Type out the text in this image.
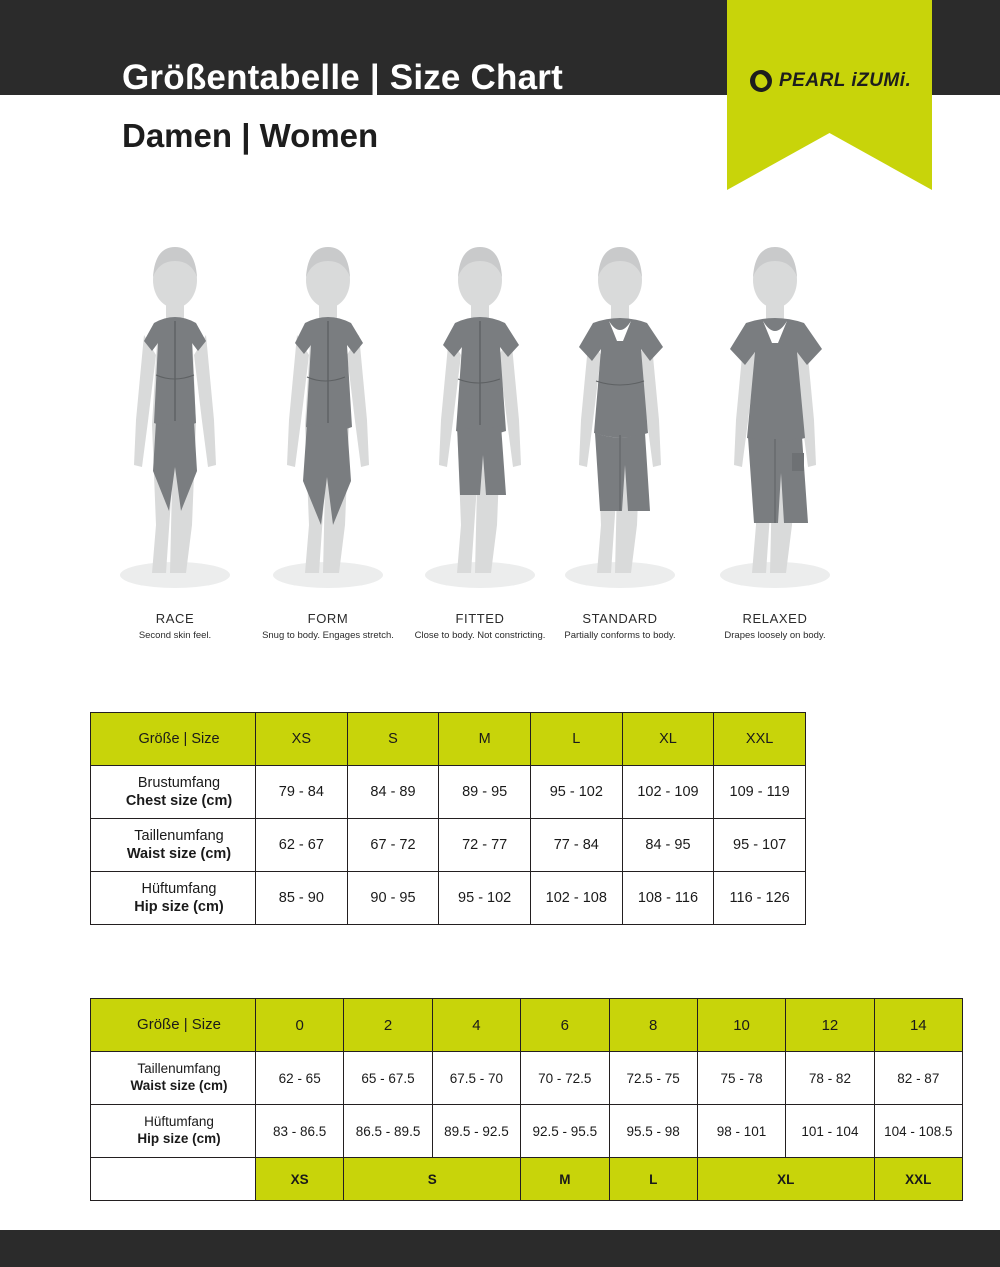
PEARL iZUMi.
Größentabelle | Size Chart
Damen | Women
RACE
Second skin feel.
FORM
Snug to body. Engages stretch.
FITTED
Close to body. Not constricting.
STANDARD
Partially conforms to body.
RELAXED
Drapes loosely on body.
Größe | Size	XS	S	M	L	XL	XXL
Brustumfang
Chest size (cm)	79 - 84	84 - 89	89 - 95	95 - 102	102 - 109	109 - 119
Taillenumfang
Waist size (cm)	62 - 67	67 - 72	72 - 77	77 - 84	84 - 95	95 - 107
Hüftumfang
Hip size (cm)	85 - 90	90 - 95	95 - 102	102 - 108	108 - 116	116 - 126
Größe | Size	0	2	4	6	8	10	12	14
Taillenumfang
Waist size (cm)	62 - 65	65 - 67.5	67.5 - 70	70 - 72.5	72.5 - 75	75 - 78	78 - 82	82 - 87
Hüftumfang
Hip size (cm)	83 - 86.5	86.5 - 89.5	89.5 - 92.5	92.5 - 95.5	95.5 - 98	98 - 101	101 - 104	104 - 108.5
	XS	S		M	L	XL		XXL
